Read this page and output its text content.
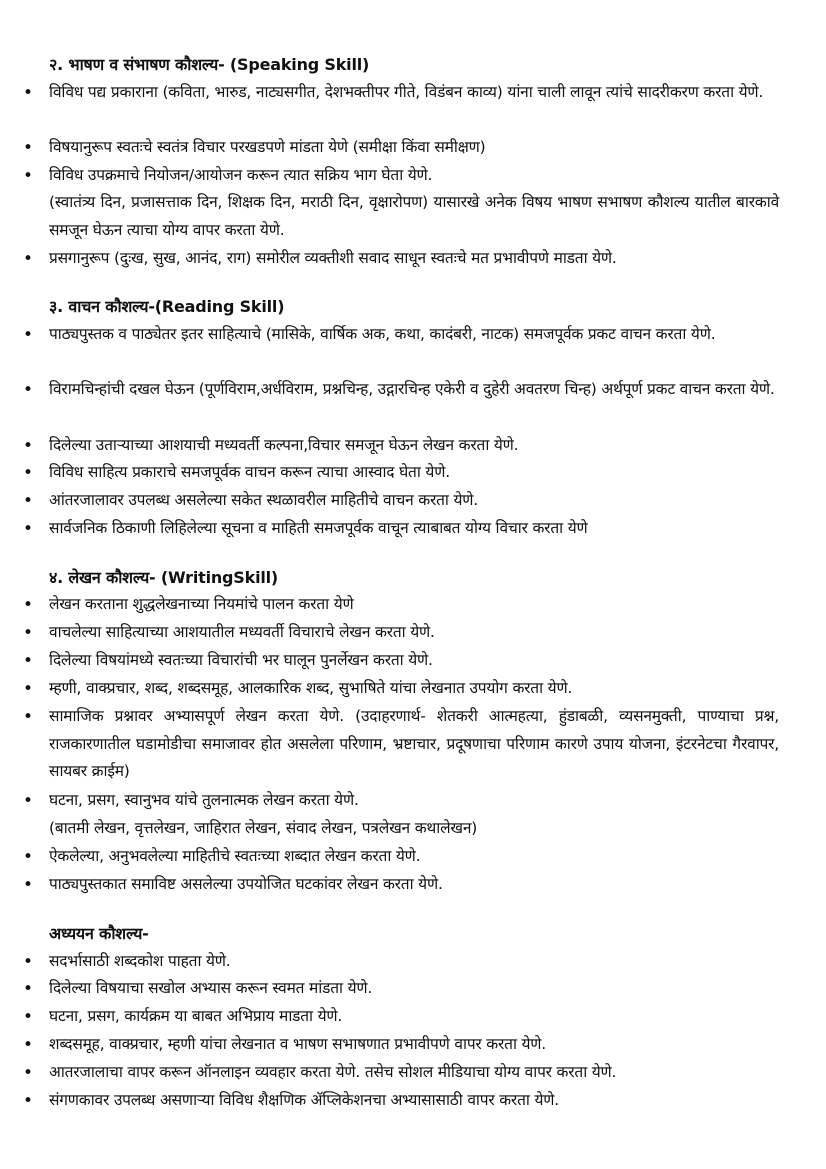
२. भाषण व संभाषण कौशल्य- (Speaking Skill)
• विविध पद्य प्रकाराना (कविता, भारुड, नाट्यसगीत, देशभक्तीपर गीते, विडंबन काव्य) यांना चाली लावून त्यांचे सादरीकरण करता येणे.
• विषयानुरूप स्वतःचे स्वतंत्र विचार परखडपणे मांडता येणे (समीक्षा किंवा समीक्षण)
• विविध उपक्रमाचे नियोजन/आयोजन करून त्यात सक्रिय भाग घेता येणे.
(स्वातंत्र्य दिन, प्रजासत्ताक दिन, शिक्षक दिन, मराठी दिन, वृक्षारोपण) यासारखे अनेक विषय भाषण सभाषण कौशल्य यातील बारकावे समजून घेऊन त्याचा योग्य वापर करता येणे.
• प्रसगानुरूप (दुःख, सुख, आनंद, राग) समोरील व्यक्तीशी सवाद साधून स्वतःचे मत प्रभावीपणे माडता येणे.
३. वाचन कौशल्य-(Reading Skill)
• पाठ्यपुस्तक व पाठ्येतर इतर साहित्याचे (मासिके, वार्षिक अक, कथा, कादंबरी, नाटक) समजपूर्वक प्रकट वाचन करता येणे.
• विरामचिन्हांची दखल घेऊन (पूर्णविराम,अर्धविराम, प्रश्नचिन्ह, उद्गारचिन्ह एकेरी व दुहेरी अवतरण चिन्ह) अर्थपूर्ण प्रकट वाचन करता येणे.
• दिलेल्या उताऱ्याच्या आशयाची मध्यवर्ती कल्पना,विचार समजून घेऊन लेखन करता येणे.
• विविध साहित्य प्रकाराचे समजपूर्वक वाचन करून त्याचा आस्वाद घेता येणे.
• आंतरजालावर उपलब्ध असलेल्या सकेत स्थळावरील माहितीचे वाचन करता येणे.
• सार्वजनिक ठिकाणी लिहिलेल्या सूचना व माहिती समजपूर्वक वाचून त्याबाबत योग्य विचार करता येणे
४. लेखन कौशल्य- (WritingSkill)
• लेखन करताना शुद्धलेखनाच्या नियमांचे पालन करता येणे
• वाचलेल्या साहित्याच्या आशयातील मध्यवर्ती विचाराचे लेखन करता येणे.
• दिलेल्या विषयांमध्ये स्वतःच्या विचारांची भर घालून पुनर्लेखन करता येणे.
• म्हणी, वाक्प्रचार, शब्द, शब्दसमूह, आलकारिक शब्द, सुभाषिते यांचा लेखनात उपयोग करता येणे.
• सामाजिक प्रश्नावर अभ्यासपूर्ण लेखन करता येणे. (उदाहरणार्थ- शेतकरी आत्महत्या, हुंडाबळी, व्यसनमुक्ती, पाण्याचा प्रश्न, राजकारणातील घडामोडीचा समाजावर होत असलेला परिणाम, भ्रष्टाचार, प्रदूषणाचा परिणाम कारणे उपाय योजना, इंटरनेटचा गैरवापर, सायबर क्राईम)
• घटना, प्रसग, स्वानुभव यांचे तुलनात्मक लेखन करता येणे.
(बातमी लेखन, वृत्तलेखन, जाहिरात लेखन, संवाद लेखन, पत्रलेखन कथालेखन)
• ऐकलेल्या, अनुभवलेल्या माहितीचे स्वतःच्या शब्दात लेखन करता येणे.
• पाठ्यपुस्तकात समाविष्ट असलेल्या उपयोजित घटकांवर लेखन करता येणे.
अध्ययन कौशल्य-
• सदर्भासाठी शब्दकोश पाहता येणे.
• दिलेल्या विषयाचा सखोल अभ्यास करून स्वमत मांडता येणे.
• घटना, प्रसग, कार्यक्रम या बाबत अभिप्राय माडता येणे.
• शब्दसमूह, वाक्प्रचार, म्हणी यांचा लेखनात व भाषण सभाषणात प्रभावीपणे वापर करता येणे.
• आतरजालाचा वापर करून ऑनलाइन व्यवहार करता येणे. तसेच सोशल मीडियाचा योग्य वापर करता येणे.
• संगणकावर उपलब्ध असणाऱ्या विविध शैक्षणिक ॲप्लिकेशनचा अभ्यासासाठी वापर करता येणे.
